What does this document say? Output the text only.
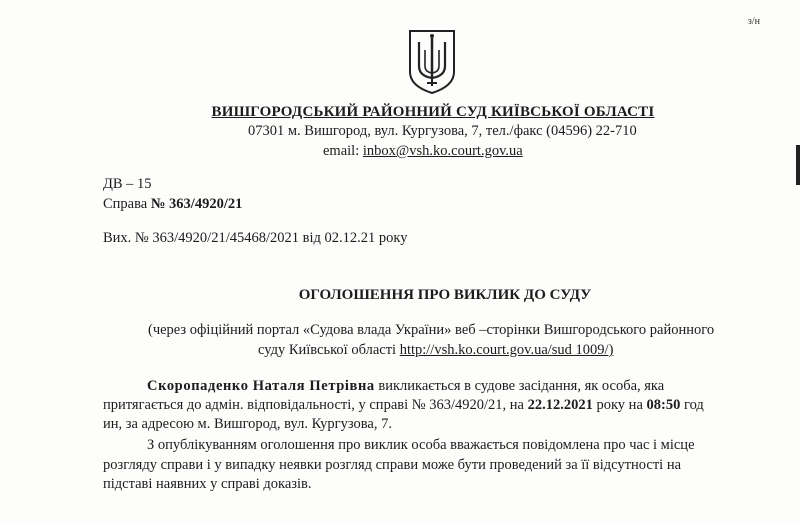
з/н
ВИШГОРОДСЬКИЙ РАЙОННИЙ СУД КИЇВСЬКОЇ ОБЛАСТІ
07301 м. Вишгород, вул. Кургузова, 7, тел./факс (04596) 22-710
email: inbox@vsh.ko.court.gov.ua
ДВ – 15
Справа № 363/4920/21
Вих. № 363/4920/21/45468/2021 від 02.12.21 року
ОГОЛОШЕННЯ ПРО ВИКЛИК ДО СУДУ
(через офіційний портал «Судова влада України» веб –сторінки Вишгородського районного
суду Київської області http://vsh.ko.court.gov.ua/sud 1009/)
Скоропаденко Наталя Петрівна викликається в судове засідання, як особа, яка
притягається до адмін. відповідальності, у справі № 363/4920/21, на 22.12.2021 року на 08:50 год
ин, за адресою м. Вишгород, вул. Кургузова, 7.
З опублікуванням оголошення про виклик особа вважається повідомлена про час і місце
розгляду справи і у випадку неявки розгляд справи може бути проведений за її відсутності на
підставі наявних у справі доказів.
